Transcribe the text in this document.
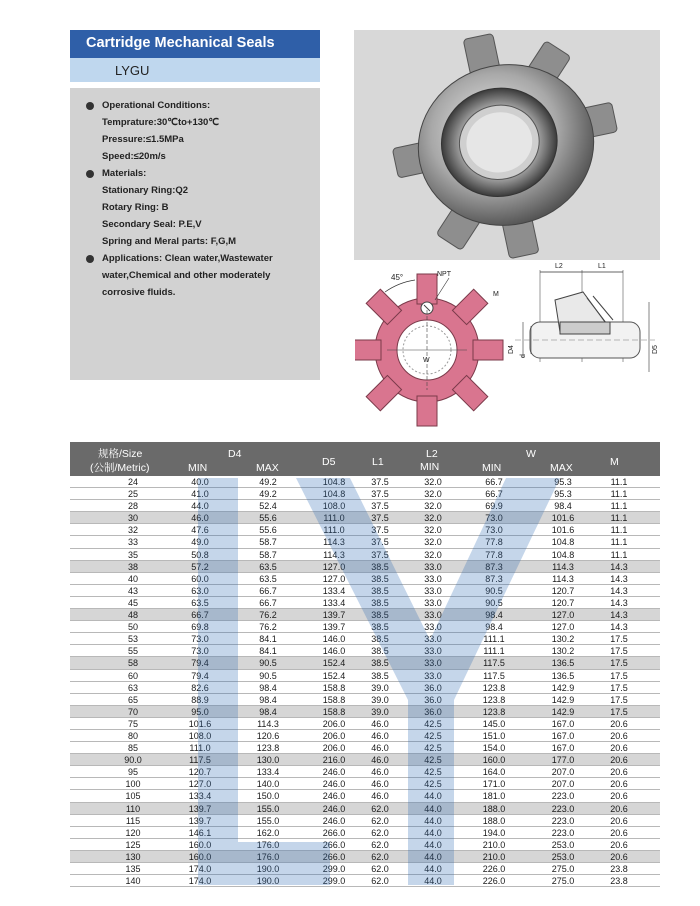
Cartridge Mechanical Seals
LYGU
Operational Conditions:
Temprature:30℃to+130℃
Pressure:≤1.5MPa
Speed:≤20m/s
Materials:
Stationary Ring:Q2
Rotary Ring: B
Secondary Seal: P.E,V
Spring and Meral parts: F,G,M
Applications: Clean water,Wastewater
water,Chemical and other moderately
corrosive fluids.
45°	NPT
M
W
L2	L1
D4
d
D5
规格/Size
(公制/Metric)
D4
MIN	MAX	D5	L1
L2
MIN
W
MIN	MAX	M
24	40.0	49.2	104.8	37.5	32.0	66.7	95.3	11.1
25	41.0	49.2	104.8	37.5	32.0	66.7	95.3	11.1
28	44.0	52.4	108.0	37.5	32.0	69.9	98.4	11.1
30	46.0	55.6	111.0	37.5	32.0	73.0	101.6	11.1
32	47.6	55.6	111.0	37.5	32.0	73.0	101.6	11.1
33	49.0	58.7	114.3	37.5	32.0	77.8	104.8	11.1
35	50.8	58.7	114.3	37.5	32.0	77.8	104.8	11.1
38	57.2	63.5	127.0	38.5	33.0	87.3	114.3	14.3
40	60.0	63.5	127.0	38.5	33.0	87.3	114.3	14.3
43	63.0	66.7	133.4	38.5	33.0	90.5	120.7	14.3
45	63.5	66.7	133.4	38.5	33.0	90.5	120.7	14.3
48	66.7	76.2	139.7	38.5	33.0	98.4	127.0	14.3
50	69.8	76.2	139.7	38.5	33.0	98.4	127.0	14.3
53	73.0	84.1	146.0	38.5	33.0	111.1	130.2	17.5
55	73.0	84.1	146.0	38.5	33.0	111.1	130.2	17.5
58	79.4	90.5	152.4	38.5	33.0	117.5	136.5	17.5
60	79.4	90.5	152.4	38.5	33.0	117.5	136.5	17.5
63	82.6	98.4	158.8	39.0	36.0	123.8	142.9	17.5
65	88.9	98.4	158.8	39.0	36.0	123.8	142.9	17.5
70	95.0	98.4	158.8	39.0	36.0	123.8	142.9	17.5
75	101.6	114.3	206.0	46.0	42.5	145.0	167.0	20.6
80	108.0	120.6	206.0	46.0	42.5	151.0	167.0	20.6
85	111.0	123.8	206.0	46.0	42.5	154.0	167.0	20.6
90.0	117.5	130.0	216.0	46.0	42.5	160.0	177.0	20.6
95	120.7	133.4	246.0	46.0	42.5	164.0	207.0	20.6
100	127.0	140.0	246.0	46.0	42.5	171.0	207.0	20.6
105	133.4	150.0	246.0	46.0	44.0	181.0	223.0	20.6
110	139.7	155.0	246.0	62.0	44.0	188.0	223.0	20.6
115	139.7	155.0	246.0	62.0	44.0	188.0	223.0	20.6
120	146.1	162.0	266.0	62.0	44.0	194.0	223.0	20.6
125	160.0	176.0	266.0	62.0	44.0	210.0	253.0	20.6
130	160.0	176.0	266.0	62.0	44.0	210.0	253.0	20.6
135	174.0	190.0	299.0	62.0	44.0	226.0	275.0	23.8
140	174.0	190.0	299.0	62.0	44.0	226.0	275.0	23.8
